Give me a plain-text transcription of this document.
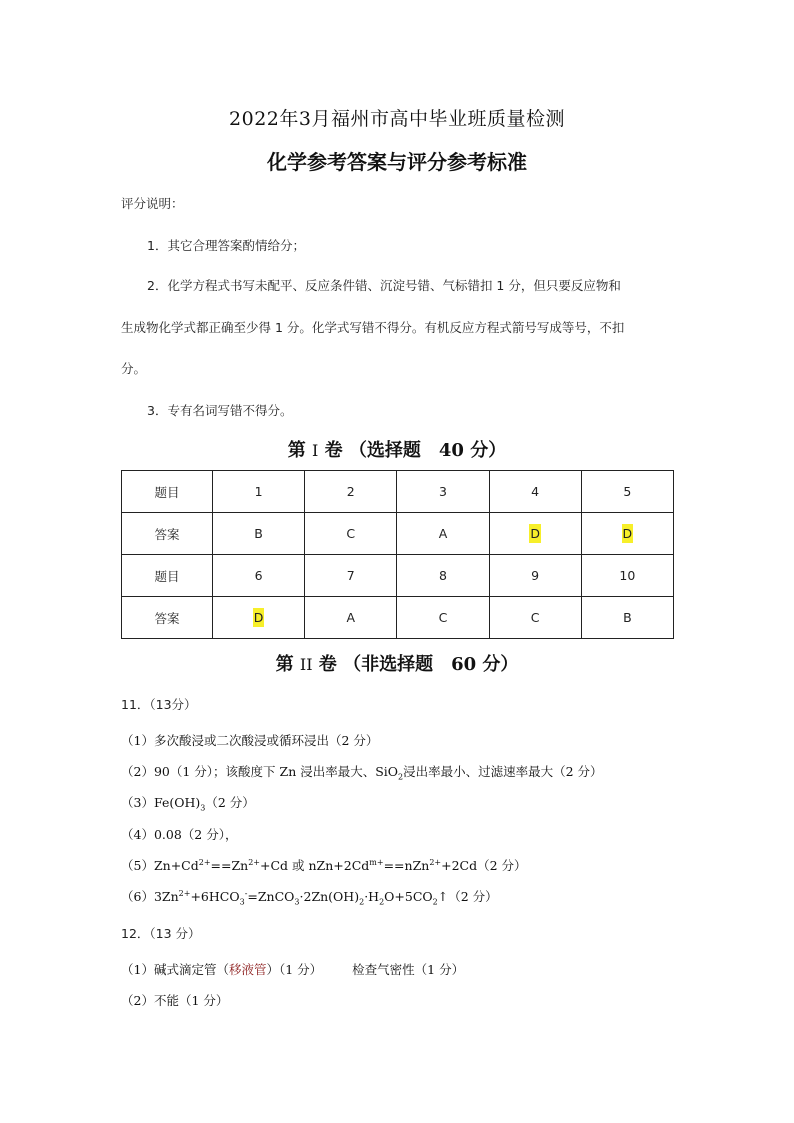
2022年3月福州市高中毕业班质量检测
化学参考答案与评分参考标准
评分说明：
1．其它合理答案酌情给分；
2．化学方程式书写未配平、反应条件错、沉淀号错、气标错扣 1 分，但只要反应物和
生成物化学式都正确至少得 1 分。化学式写错不得分。有机反应方程式箭号写成等号，不扣
分。
3．专有名词写错不得分。
第 I 卷 （选择题　40 分）
题目	1	2	3	4	5
答案	B	C	A	D	D
题目	6	7	8	9	10
答案	D	A	C	C	B
第 II 卷 （非选择题　60 分）
11．（13分）
（1）多次酸浸或二次酸浸或循环浸出（2 分）
（2）90（1 分）；该酸度下 Zn 浸出率最大、SiO$_2$浸出率最小、过滤速率最大（2 分）
$(3)Fe(OH)_3(2$ 分）
（4）0.08（2 分），
$(5)Zn+Cd^{2+}==Zn^{2+}+Cd$ 或 $nZn+2Cd^{m+}==nZn^{2+}+2Cd(2$ 分）
$(6)3Zn^{2+}+6HCO_3^-=ZnCO_3\cdot 2Zn(OH)_2\cdot H_2O+5CO_2↑(2$ 分）
12．（13 分）
（1）碱式滴定管（移液管）（1 分） 检查气密性（1 分）
（2）不能（1 分）
